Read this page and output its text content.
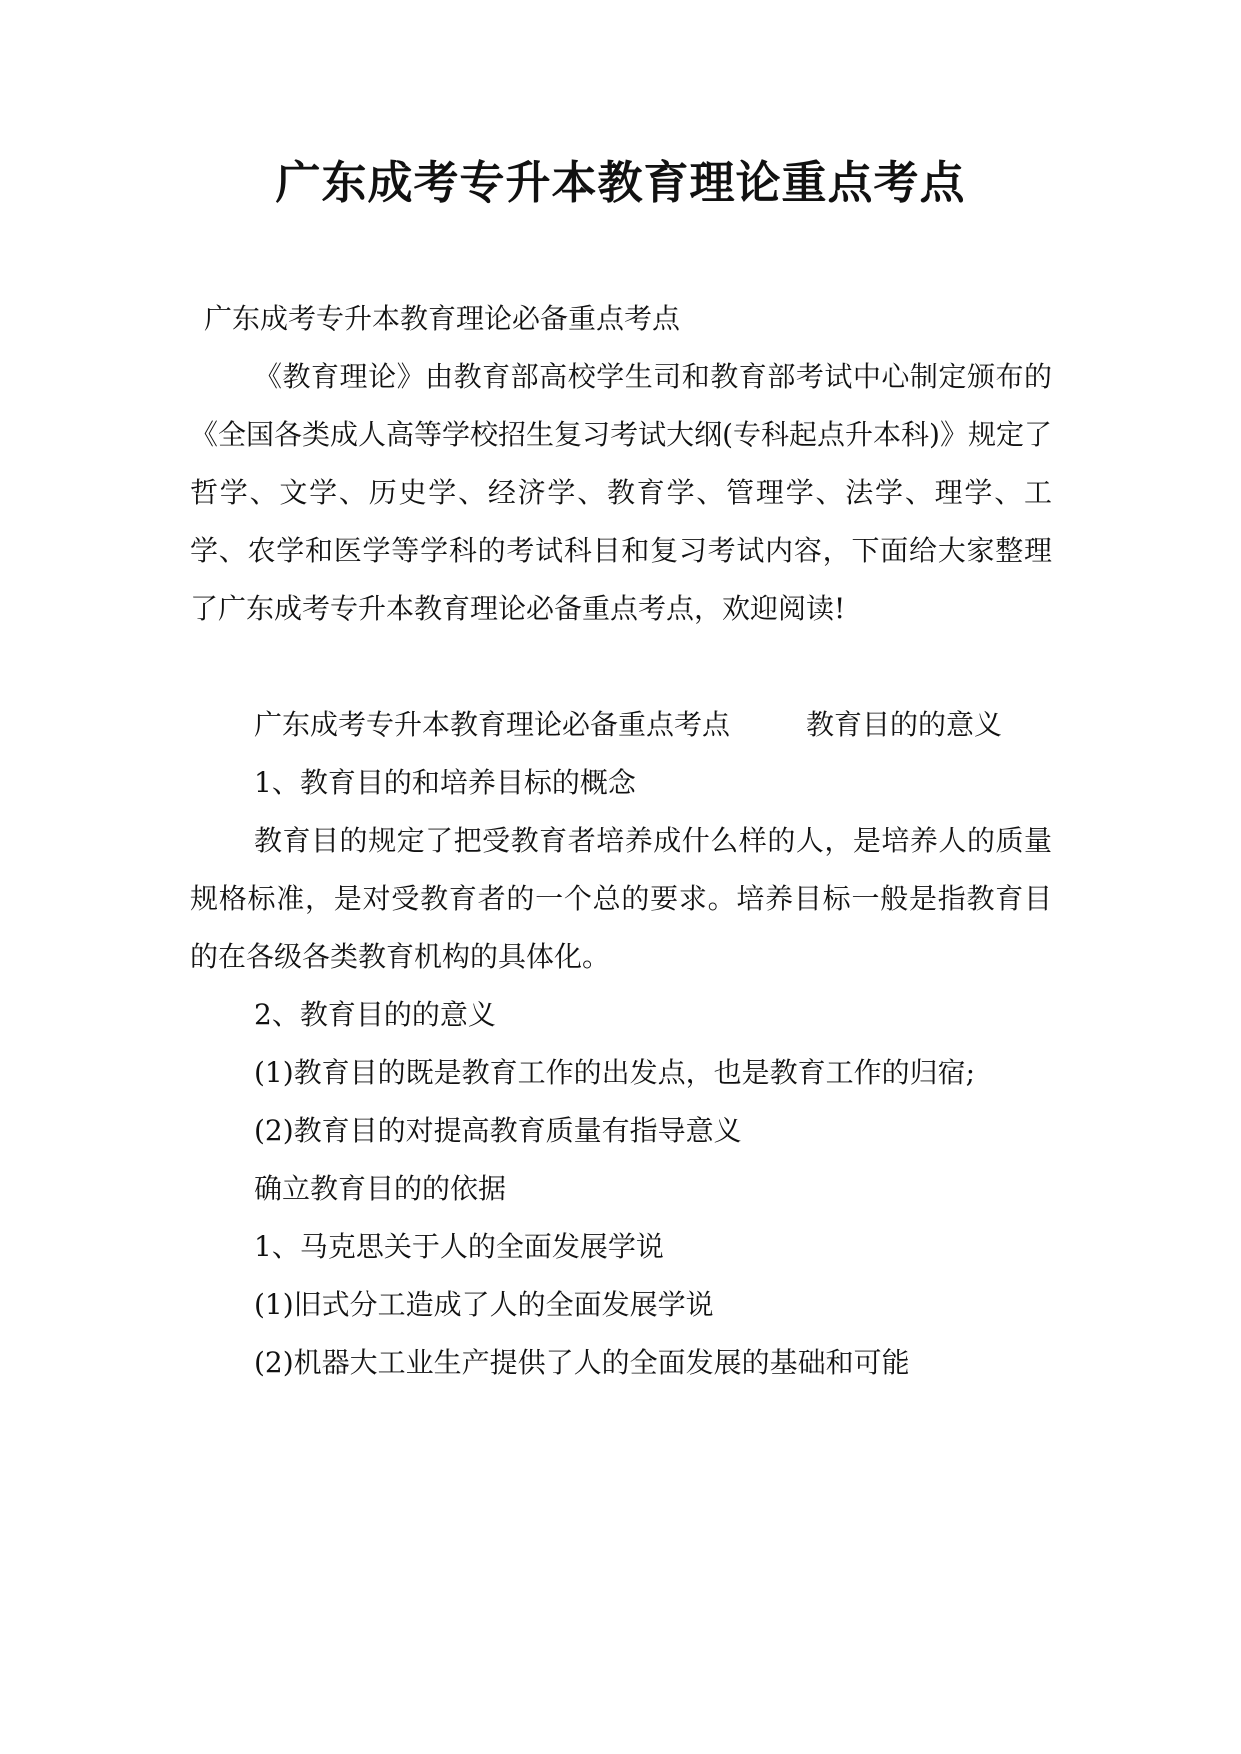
广东成考专升本教育理论重点考点

广东成考专升本教育理论必备重点考点

《教育理论》由教育部高校学生司和教育部考试中心制定颁布的《全国各类成人高等学校招生复习考试大纲(专科起点升本科)》规定了哲学、文学、历史学、经济学、教育学、管理学、法学、理学、工学、农学和医学等学科的考试科目和复习考试内容，下面给大家整理了广东成考专升本教育理论必备重点考点，欢迎阅读!

广东成考专升本教育理论必备重点考点	教育目的的意义

1、教育目的和培养目标的概念

教育目的规定了把受教育者培养成什么样的人，是培养人的质量规格标准，是对受教育者的一个总的要求。培养目标一般是指教育目的在各级各类教育机构的具体化。

2、教育目的的意义

(1)教育目的既是教育工作的出发点，也是教育工作的归宿;

(2)教育目的对提高教育质量有指导意义

确立教育目的的依据

1、马克思关于人的全面发展学说

(1)旧式分工造成了人的全面发展学说

(2)机器大工业生产提供了人的全面发展的基础和可能
